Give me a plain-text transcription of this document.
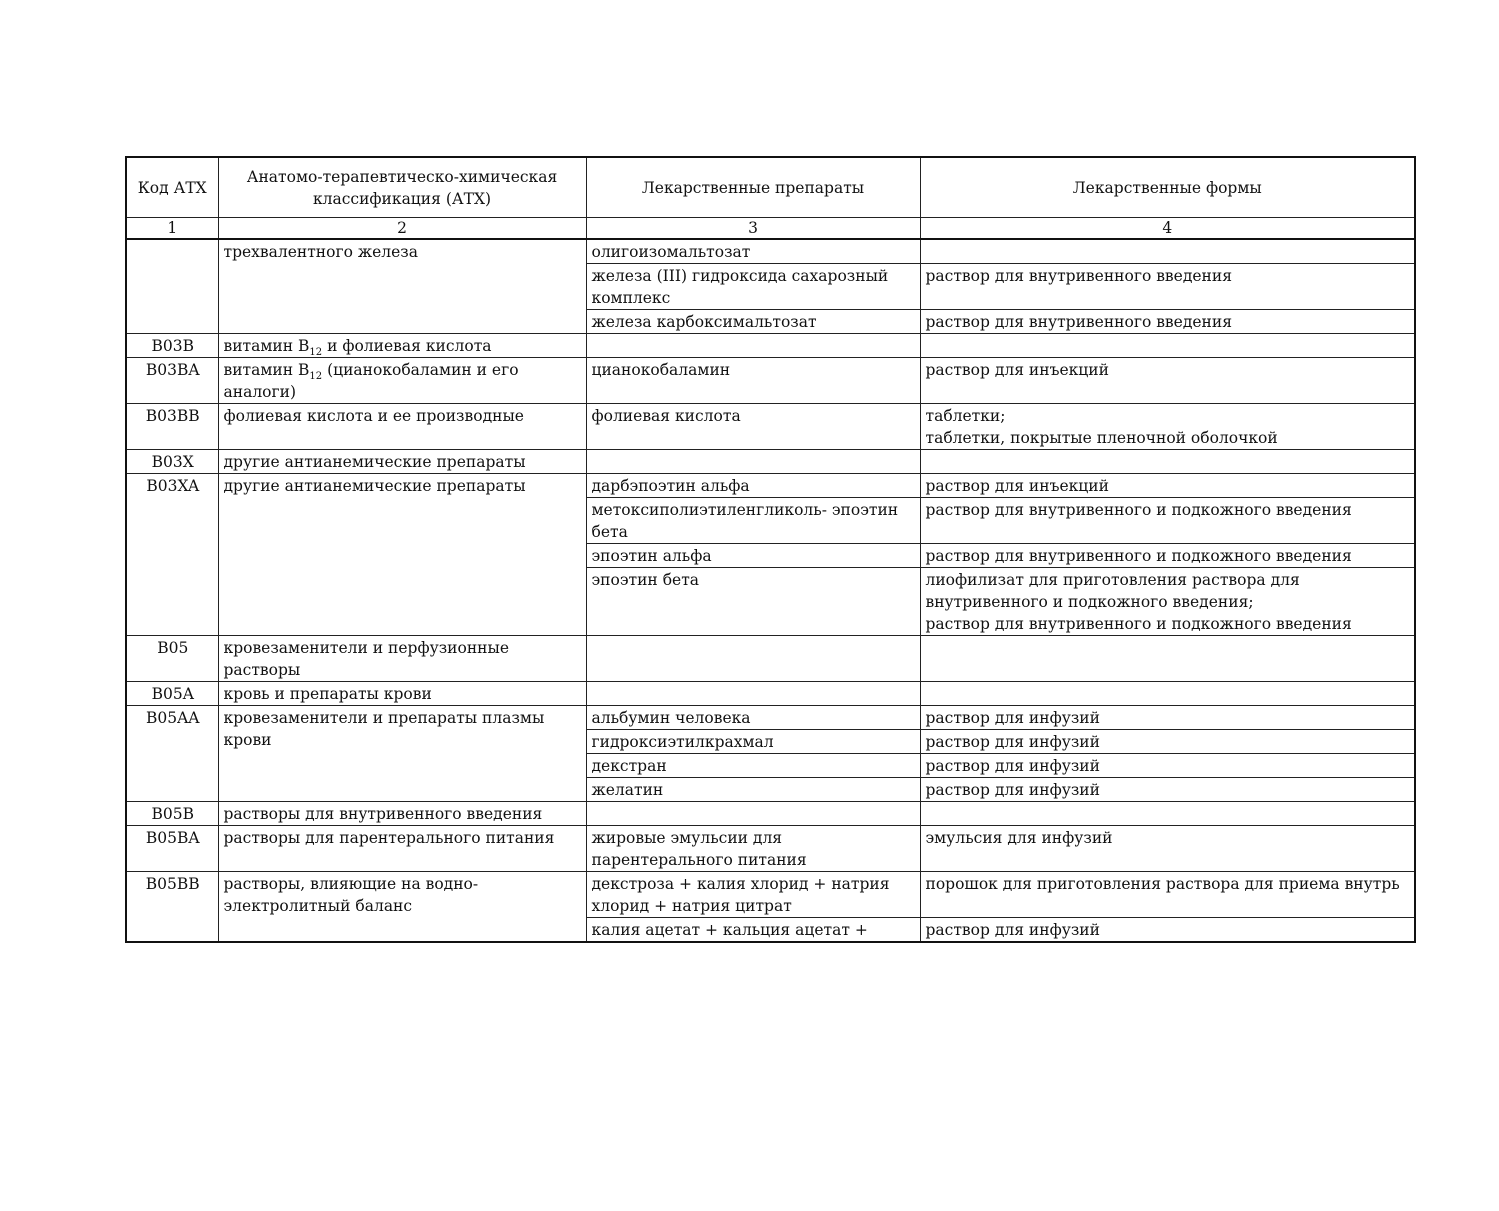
Код АТХ	Анатомо-терапевтическо-химическая классификация (АТХ)	Лекарственные препараты	Лекарственные формы
1	2	3	4
	трехвалентного железа	олигоизомальтозат	
		железа (III) гидроксида сахарозный комплекс	раствор для внутривенного введения
		железа карбоксимальтозат	раствор для внутривенного введения
B03B	витамин $B_{12}$ и фолиевая кислота		
B03BA	витамин $B_{12}$ (цианокобаламин и его аналоги)	цианокобаламин	раствор для инъекций
B03BB	фолиевая кислота и ее производные	фолиевая кислота	таблетки;
таблетки, покрытые пленочной оболочкой
B03X	другие антианемические препараты		
B03XA	другие антианемические препараты	дарбэпоэтин альфа	раствор для инъекций
		метоксиполиэтиленгликоль- эпоэтин бета	раствор для внутривенного и подкожного введения
		эпоэтин альфа	раствор для внутривенного и подкожного введения
		эпоэтин бета	лиофилизат для приготовления раствора для внутривенного и подкожного введения;
раствор для внутривенного и подкожного введения
B05	кровезаменители и перфузионные растворы		
B05A	кровь и препараты крови		
B05AA	кровезаменители и препараты плазмы крови	альбумин человека	раствор для инфузий
		гидроксиэтилкрахмал	раствор для инфузий
		декстран	раствор для инфузий
		желатин	раствор для инфузий
B05B	растворы для внутривенного введения		
B05BA	растворы для парентерального питания	жировые эмульсии для парентерального питания	эмульсия для инфузий
B05BB	растворы, влияющие на водно-электролитный баланс	декстроза + калия хлорид + натрия хлорид + натрия цитрат	порошок для приготовления раствора для приема внутрь
		калия ацетат + кальция ацетат +	раствор для инфузий
